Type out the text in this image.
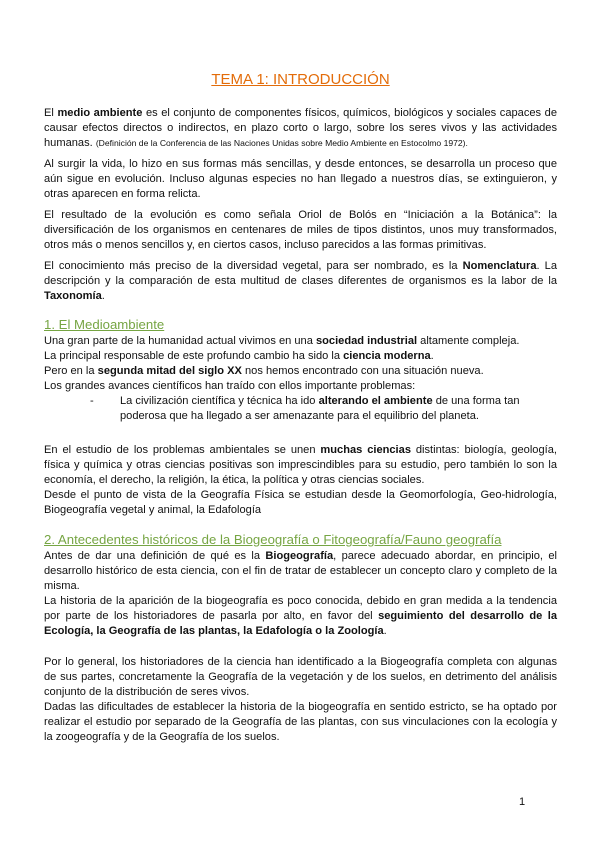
TEMA 1: INTRODUCCIÓN

El medio ambiente es el conjunto de componentes físicos, químicos, biológicos y sociales capaces de causar efectos directos o indirectos, en plazo corto o largo, sobre los seres vivos y las actividades humanas. (Definición de la Conferencia de las Naciones Unidas sobre Medio Ambiente en Estocolmo 1972).

Al surgir la vida, lo hizo en sus formas más sencillas, y desde entonces, se desarrolla un proceso que aún sigue en evolución. Incluso algunas especies no han llegado a nuestros días, se extinguieron, y otras aparecen en forma relicta.

El resultado de la evolución es como señala Oriol de Bolós en “Iniciación a la Botánica”: la diversificación de los organismos en centenares de miles de tipos distintos, unos muy transformados, otros más o menos sencillos y, en ciertos casos, incluso parecidos a las formas primitivas.

El conocimiento más preciso de la diversidad vegetal, para ser nombrado, es la Nomenclatura. La descripción y la comparación de esta multitud de clases diferentes de organismos es la labor de la Taxonomía.

1. El Medioambiente

Una gran parte de la humanidad actual vivimos en una sociedad industrial altamente compleja.

La principal responsable de este profundo cambio ha sido la ciencia moderna.

Pero en la segunda mitad del siglo XX nos hemos encontrado con una situación nueva.

Los grandes avances científicos han traído con ellos importante problemas:

-	La civilización científica y técnica ha ido alterando el ambiente de una forma tan poderosa que ha llegado a ser amenazante para el equilibrio del planeta.

En el estudio de los problemas ambientales se unen muchas ciencias distintas: biología, geología, física y química y otras ciencias positivas son imprescindibles para su estudio, pero también lo son la economía, el derecho, la religión, la ética, la política y otras ciencias sociales.

Desde el punto de vista de la Geografía Física se estudian desde la Geomorfología, Geo-hidrología, Biogeografía vegetal y animal, la Edafología

2. Antecedentes históricos de la Biogeografía o Fitogeografía/Fauno geografía

Antes de dar una definición de qué es la Biogeografía, parece adecuado abordar, en principio, el desarrollo histórico de esta ciencia, con el fin de tratar de establecer un concepto claro y completo de la misma.

La historia de la aparición de la biogeografía es poco conocida, debido en gran medida a la tendencia por parte de los historiadores de pasarla por alto, en favor del seguimiento del desarrollo de la Ecología, la Geografía de las plantas, la Edafología o la Zoología.

Por lo general, los historiadores de la ciencia han identificado a la Biogeografía completa con algunas de sus partes, concretamente la Geografía de la vegetación y de los suelos, en detrimento del análisis conjunto de la distribución de seres vivos.

Dadas las dificultades de establecer la historia de la biogeografía en sentido estricto, se ha optado por realizar el estudio por separado de la Geografía de las plantas, con sus vinculaciones con la ecología y la zoogeografía y de la Geografía de los suelos.

1
